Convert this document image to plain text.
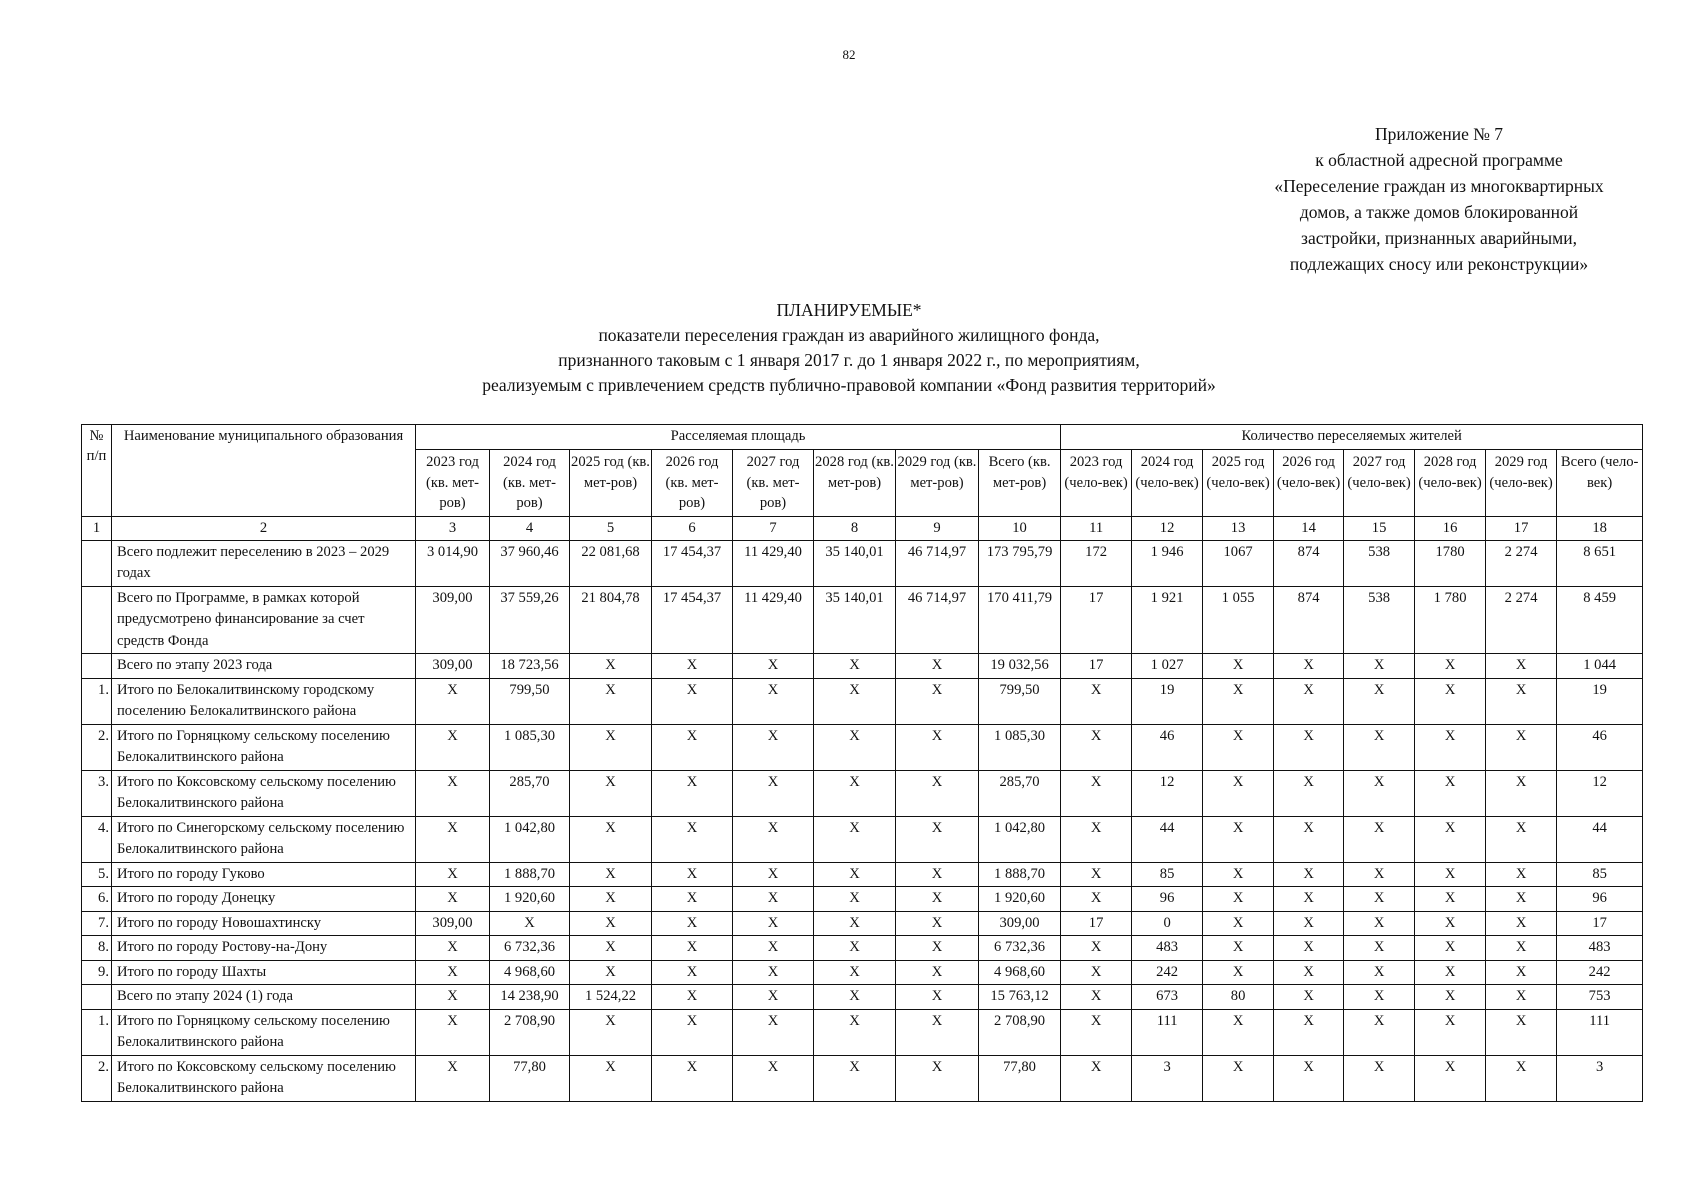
82
Приложение № 7
к областной адресной программе
«Переселение граждан из многоквартирных
домов, а также домов блокированной
застройки, признанных аварийными,
подлежащих сносу или реконструкции»
ПЛАНИРУЕМЫЕ*
показатели переселения граждан из аварийного жилищного фонда,
признанного таковым с 1 января 2017 г. до 1 января 2022 г., по мероприятиям,
реализуемым с привлечением средств публично-правовой компании «Фонд развития территорий»
№ п/п	Наименование муниципального образования	Расселяемая площадь								Количество переселяемых жителей							
		2023 год (кв. мет-ров)	2024 год (кв. мет-ров)	2025 год (кв. мет-ров)	2026 год (кв. мет-ров)	2027 год (кв. мет-ров)	2028 год (кв. мет-ров)	2029 год (кв. мет-ров)	Всего (кв. мет-ров)	2023 год (чело-век)	2024 год (чело-век)	2025 год (чело-век)	2026 год (чело-век)	2027 год (чело-век)	2028 год (чело-век)	2029 год (чело-век)	Всего (чело-век)
1	2	3	4	5	6	7	8	9	10	11	12	13	14	15	16	17	18
	Всего подлежит переселению в 2023 – 2029 годах	3 014,90	37 960,46	22 081,68	17 454,37	11 429,40	35 140,01	46 714,97	173 795,79	172	1 946	1067	874	538	1780	2 274	8 651
	Всего по Программе, в рамках которой предусмотрено финансирование за счет средств Фонда	309,00	37 559,26	21 804,78	17 454,37	11 429,40	35 140,01	46 714,97	170 411,79	17	1 921	1 055	874	538	1 780	2 274	8 459
	Всего по этапу 2023 года	309,00	18 723,56	Х	Х	Х	Х	Х	19 032,56	17	1 027	Х	Х	Х	Х	Х	1 044
1.	Итого по Белокалитвинскому городскому поселению Белокалитвинского района	Х	799,50	Х	Х	Х	Х	Х	799,50	Х	19	Х	Х	Х	Х	Х	19
2.	Итого по Горняцкому сельскому поселению Белокалитвинского района	Х	1 085,30	Х	Х	Х	Х	Х	1 085,30	Х	46	Х	Х	Х	Х	Х	46
3.	Итого по Коксовскому сельскому поселению Белокалитвинского района	Х	285,70	Х	Х	Х	Х	Х	285,70	Х	12	Х	Х	Х	Х	Х	12
4.	Итого по Синегорскому сельскому поселению Белокалитвинского района	Х	1 042,80	Х	Х	Х	Х	Х	1 042,80	Х	44	Х	Х	Х	Х	Х	44
5.	Итого по городу Гуково	Х	1 888,70	Х	Х	Х	Х	Х	1 888,70	Х	85	Х	Х	Х	Х	Х	85
6.	Итого по городу Донецку	Х	1 920,60	Х	Х	Х	Х	Х	1 920,60	Х	96	Х	Х	Х	Х	Х	96
7.	Итого по городу Новошахтинску	309,00	Х	Х	Х	Х	Х	Х	309,00	17	0	Х	Х	Х	Х	Х	17
8.	Итого по городу Ростову-на-Дону	Х	6 732,36	Х	Х	Х	Х	Х	6 732,36	Х	483	Х	Х	Х	Х	Х	483
9.	Итого по городу Шахты	Х	4 968,60	Х	Х	Х	Х	Х	4 968,60	Х	242	Х	Х	Х	Х	Х	242
	Всего по этапу 2024 (1) года	Х	14 238,90	1 524,22	Х	Х	Х	Х	15 763,12	Х	673	80	Х	Х	Х	Х	753
1.	Итого по Горняцкому сельскому поселению Белокалитвинского района	Х	2 708,90	Х	Х	Х	Х	Х	2 708,90	Х	111	Х	Х	Х	Х	Х	111
2.	Итого по Коксовскому сельскому поселению Белокалитвинского района	Х	77,80	Х	Х	Х	Х	Х	77,80	Х	3	Х	Х	Х	Х	Х	3
